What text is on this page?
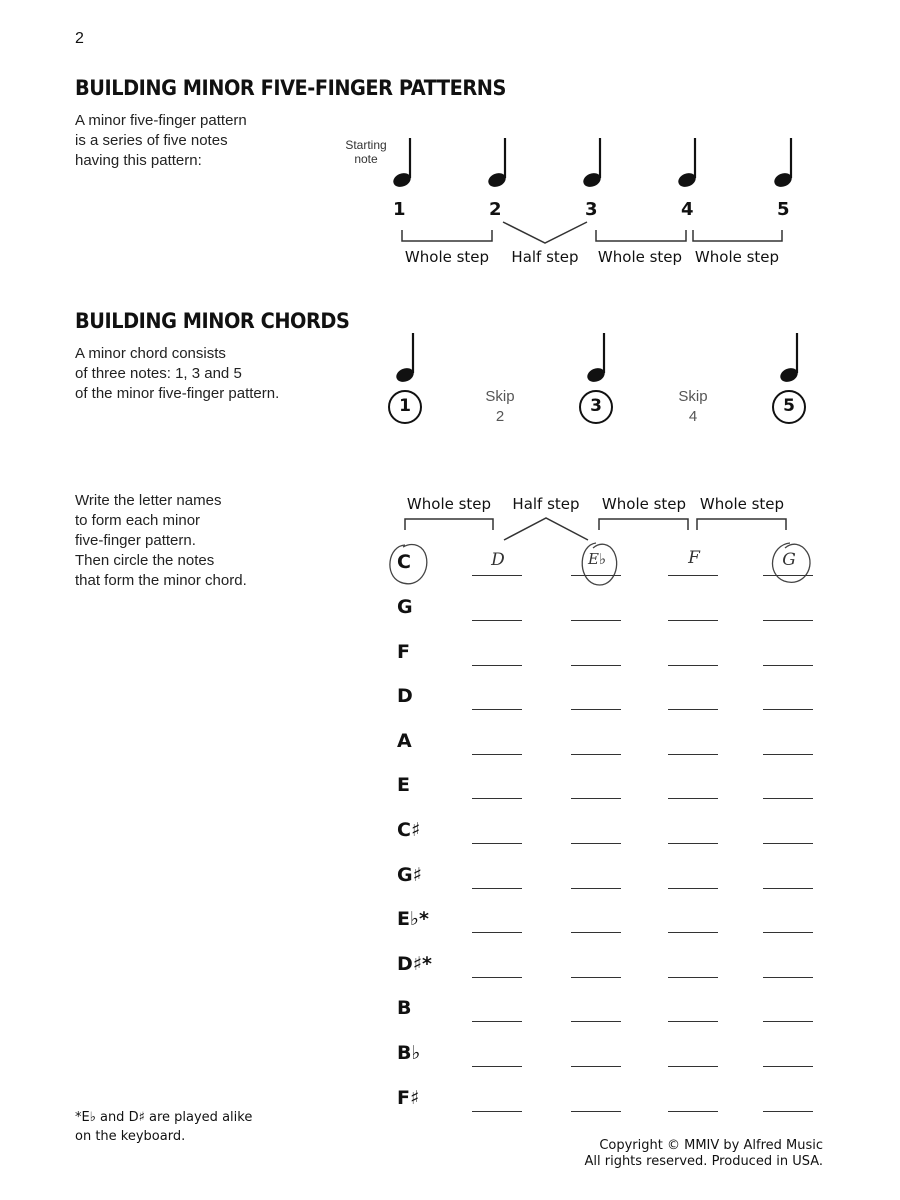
2
BUILDING MINOR FIVE-FINGER PATTERNS
A minor five-finger pattern
is a series of five notes
having this pattern:
Starting
note
1	2	3	4	5
Whole step	Half step	Whole step Whole step
BUILDING MINOR CHORDS
A minor chord consists
of three notes: 1, 3 and 5
of the minor five-finger pattern.
1	3	5
Skip
2
Skip
4
Write the letter names
to form each minor
five-finger pattern.
Then circle the notes
that form the minor chord.
Whole step	Half step	Whole step Whole step
C	D	E♭	F	G
G
F
D
A
E
C♯
G♯
E♭*
D♯*
B
B♭
F♯
*E♭ and D♯ are played alike
on the keyboard.
Copyright © MMIV by Alfred Music
All rights reserved. Produced in USA.
